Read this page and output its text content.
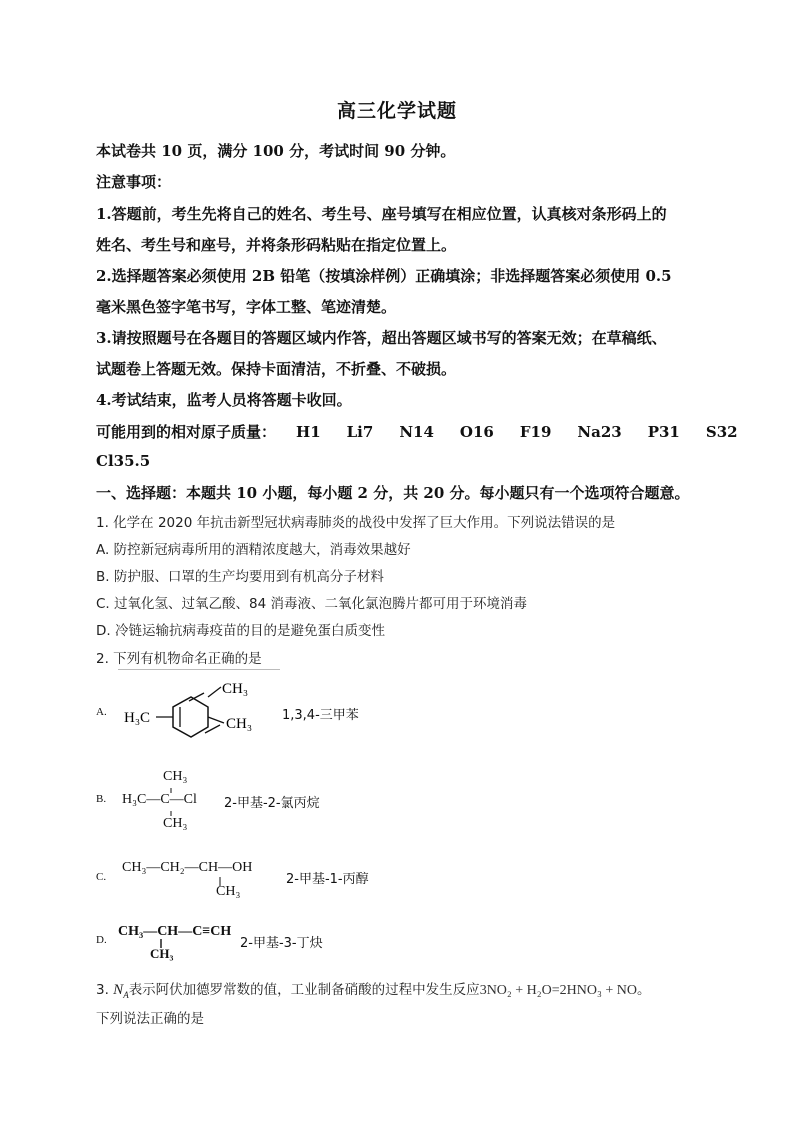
高三化学试题
本试卷共 10 页，满分 100 分，考试时间 90 分钟。
注意事项：
1.答题前，考生先将自己的姓名、考生号、座号填写在相应位置，认真核对条形码上的
姓名、考生号和座号，并将条形码粘贴在指定位置上。
2.选择题答案必须使用 2B 铅笔（按填涂样例）正确填涂；非选择题答案必须使用 0.5
毫米黑色签字笔书写，字体工整、笔迹清楚。
3.请按照题号在各题目的答题区域内作答，超出答题区域书写的答案无效；在草稿纸、
试题卷上答题无效。保持卡面清洁，不折叠、不破损。
4.考试结束，监考人员将答题卡收回。
可能用到的相对原子质量： H1 Li7 N14 O16 F19 Na23 P31 S32
Cl35.5
一、选择题：本题共 10 小题，每小题 2 分，共 20 分。每小题只有一个选项符合题意。
1. 化学在 2020 年抗击新型冠状病毒肺炎的战役中发挥了巨大作用。下列说法错误的是
A. 防控新冠病毒所用的酒精浓度越大，消毒效果越好
B. 防护服、口罩的生产均要用到有机高分子材料
C. 过氧化氢、过氧乙酸、84 消毒液、二氧化氯泡腾片都可用于环境消毒
D. 冷链运输抗病毒疫苗的目的是避免蛋白质变性
2. 下列有机物命名正确的是
A.
CH₃
H₃C	CH₃
1,3,4-三甲苯
B.
CH₃
H₃C—C—Cl
CH₃
2-甲基-2-氯丙烷
C.
CH₃—CH₂—CH—OH
CH₃
2-甲基-1-丙醇
D.
CH₃—CH—C≡CH
CH₃
2-甲基-3-丁炔
3. $N_A$表示阿伏加德罗常数的值，工业制备硝酸的过程中发生反应3NO₂ + H₂O=2HNO₃ + NO。
下列说法正确的是
